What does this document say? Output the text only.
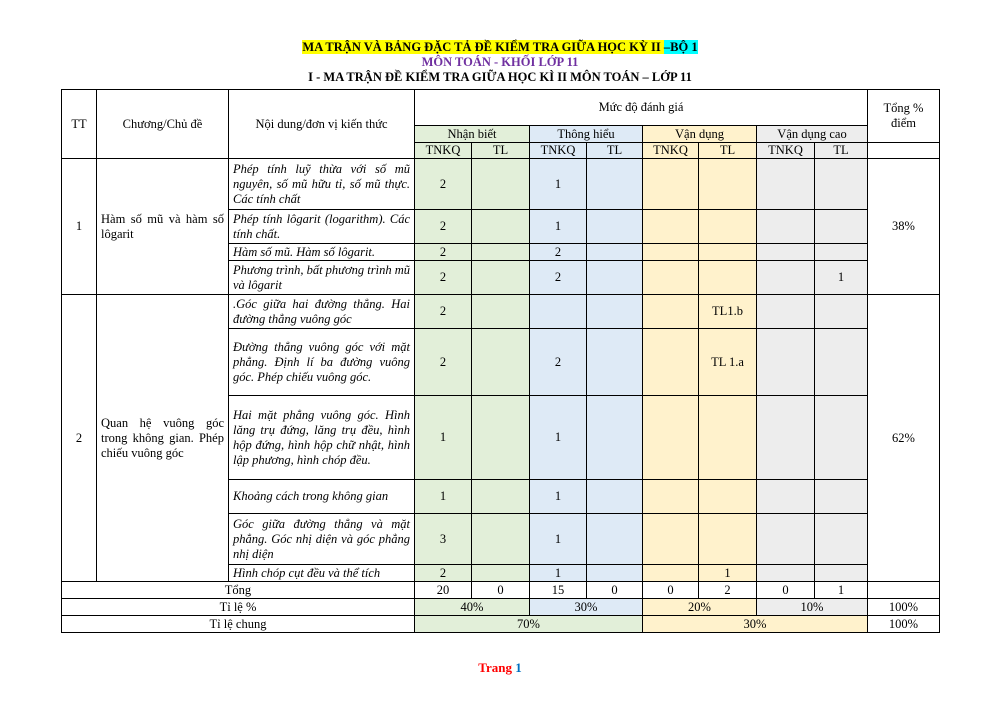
MA TRẬN VÀ BẢNG ĐẶC TẢ ĐỀ KIỂM TRA GIỮA HỌC KỲ II –BỘ 1
MÔN TOÁN - KHỐI LỚP 11
I - MA TRẬN ĐỀ KIỂM TRA GIỮA HỌC KÌ II MÔN TOÁN – LỚP 11
TT	Chương/Chủ đề	Nội dung/đơn vị kiến thức	Mức độ đánh giá								Tổng % điểm
			Nhận biết		Thông hiểu		Vận dụng		Vận dụng cao		
			TNKQ	TL	TNKQ	TL	TNKQ	TL	TNKQ	TL	
1	Hàm số mũ và hàm số lôgarit	Phép tính luỹ thừa với số mũ nguyên, số mũ hữu tỉ, số mũ thực. Các tính chất	2		1						38%
		Phép tính lôgarit (logarithm). Các tính chất.	2		1						
		Hàm số mũ. Hàm số lôgarit.	2		2						
		Phương trình, bất phương trình mũ và lôgarit	2		2					1	
2	Quan hệ vuông góc trong không gian. Phép chiếu vuông góc	.Góc giữa hai đường thẳng. Hai đường thẳng vuông góc	2					TL1.b			62%
		Đường thẳng vuông góc với mặt phẳng. Định lí ba đường vuông góc. Phép chiếu vuông góc.	2		2			TL 1.a			
		Hai mặt phẳng vuông góc. Hình lăng trụ đứng, lăng trụ đều, hình hộp đứng, hình hộp chữ nhật, hình lập phương, hình chóp đều.	1		1						
		Khoảng cách trong không gian	1		1						
		Góc giữa đường thẳng và mặt phẳng. Góc nhị diện và góc phẳng nhị diện	3		1						
		Hình chóp cụt đều và thể tích	2		1			1			
Tổng			20	0	15	0	0	2	0	1	
Tỉ lệ %			40%		30%		20%		10%		100%
Tỉ lệ chung			70%				30%				100%
Trang 1
